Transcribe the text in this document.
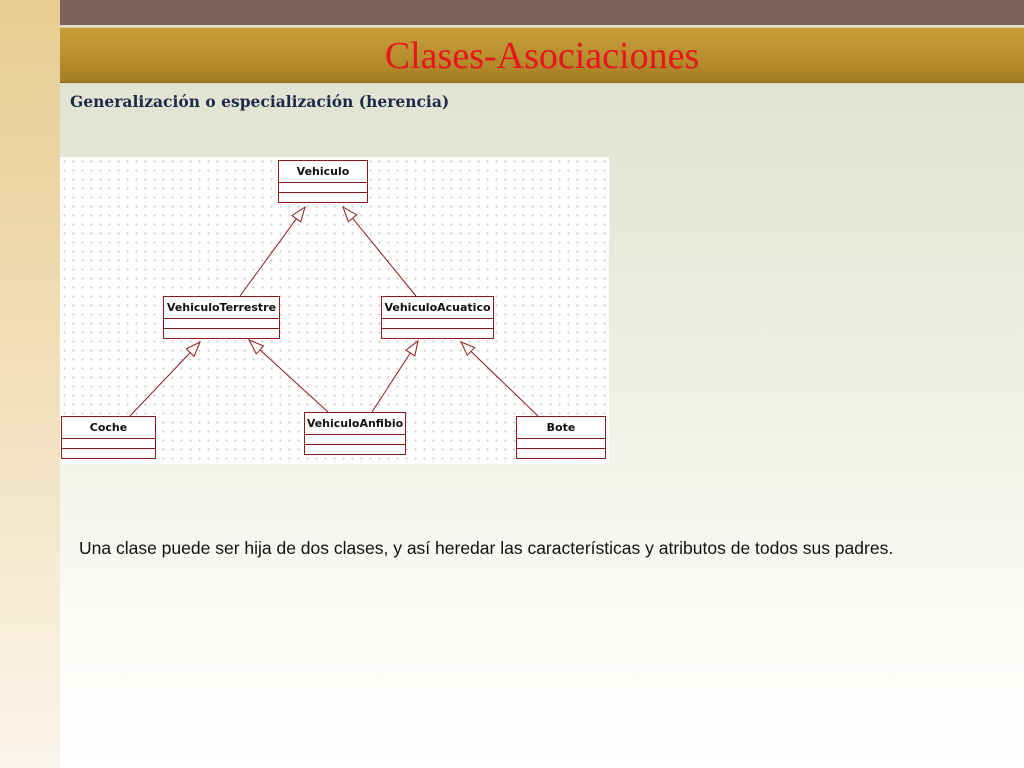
Clases-Asociaciones
Generalización o especialización (herencia)
Vehiculo
VehiculoTerrestre	VehiculoAcuatico
Coche	VehiculoAnfibio	Bote
Una clase puede ser hija de dos clases, y así heredar las características y atributos de todos sus padres.
